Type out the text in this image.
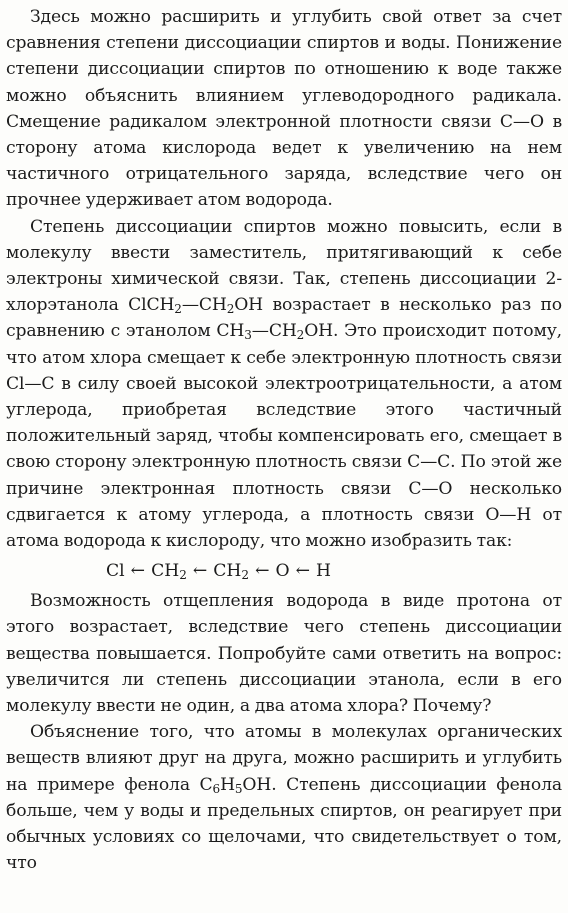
Здесь можно расширить и углубить свой ответ за счет сравнения степени диссоциации спиртов и воды. Понижение степени диссоциации спиртов по отношению к воде также можно объяснить влиянием углеводородного радикала. Смещение радикалом электронной плотности связи С—О в сторону атома кислорода ведет к увеличению на нем частичного отрицательного заряда, вследствие чего он прочнее удерживает атом водорода.

Степень диссоциации спиртов можно повысить, если в молекулу ввести заместитель, притягивающий к себе электроны химической связи. Так, степень диссоциации 2-хлорэтанола $ClCH_2—CH_2OH$ возрастает в несколько раз по сравнению с этанолом $CH_3—CH_2OH$. Это происходит потому, что атом хлора смещает к себе электронную плотность связи Cl—C в силу своей высокой электроотрицательности, а атом углерода, приобретая вследствие этого частичный положительный заряд, чтобы компенсировать его, смещает в свою сторону электронную плотность связи С—С. По этой же причине электронная плотность связи С—О несколько сдвигается к атому углерода, а плотность связи О—Н от атома водорода к кислороду, что можно изобразить так:

Cl ← $CH_2$ ← $CH_2$ ← O ← H

Возможность отщепления водорода в виде протона от этого возрастает, вследствие чего степень диссоциации вещества повышается. Попробуйте сами ответить на вопрос: увеличится ли степень диссоциации этанола, если в его молекулу ввести не один, а два атома хлора? Почему?

Объяснение того, что атомы в молекулах органических веществ влияют друг на друга, можно расширить и углубить на примере фенола $C_6H_5OH$. Степень диссоциации фенола больше, чем у воды и предельных спиртов, он реагирует при обычных условиях со щелочами, что свидетельствует о том, что
